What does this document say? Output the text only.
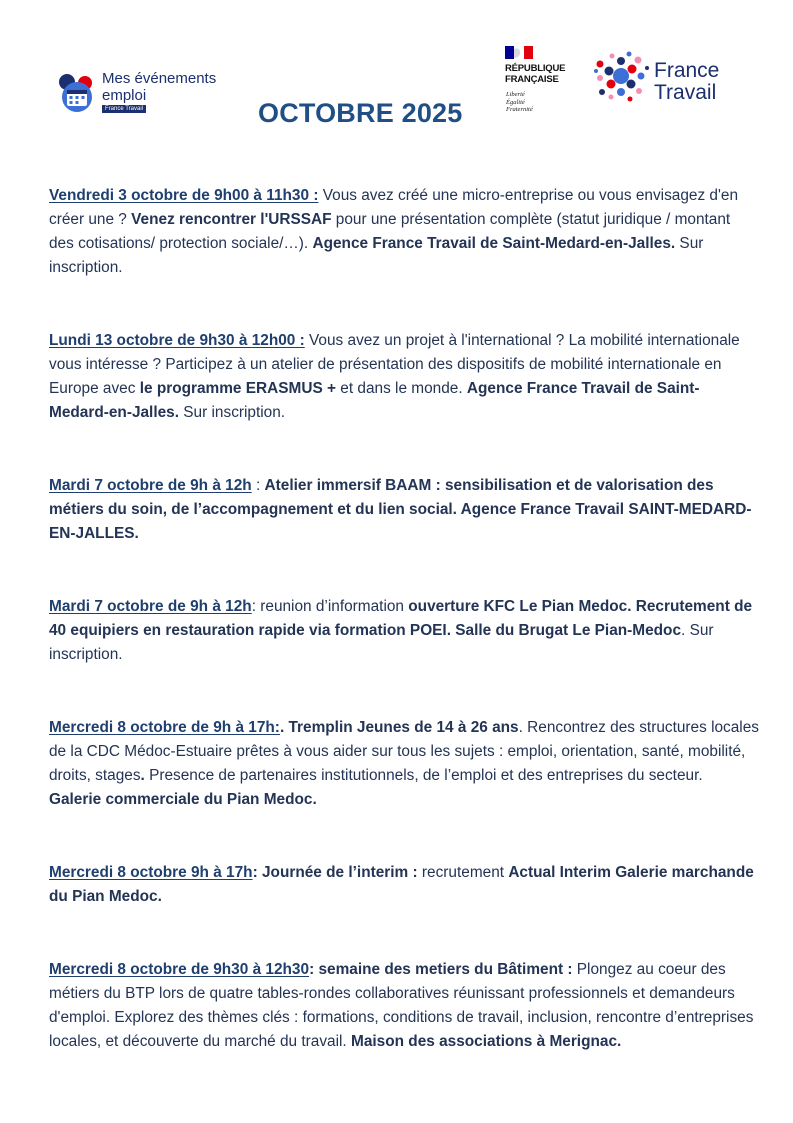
Mes événements
emploi
France Travail	OCTOBRE 2025
RÉPUBLIQUE
FRANÇAISE
Liberté
Égalité
Fraternité
France
Travail

Vendredi 3 octobre de 9h00 à 11h30 : Vous avez créé une micro-entreprise ou vous envisagez d'en créer une ? Venez rencontrer l'URSSAF pour une présentation complète (statut juridique / montant des cotisations/ protection sociale/…). Agence France Travail de Saint-Medard-en-Jalles. Sur inscription.

Lundi 13 octobre de 9h30 à 12h00 : Vous avez un projet à l'international ? La mobilité internationale vous intéresse ? Participez à un atelier de présentation des dispositifs de mobilité internationale en Europe avec le programme ERASMUS + et dans le monde. Agence France Travail de Saint-Medard-en-Jalles. Sur inscription.

Mardi 7 octobre de 9h à 12h : Atelier immersif BAAM : sensibilisation et de valorisation des métiers du soin, de l’accompagnement et du lien social. Agence France Travail SAINT-MEDARD-EN-JALLES.

Mardi 7 octobre de 9h à 12h: reunion d’information ouverture KFC Le Pian Medoc. Recrutement de 40 equipiers en restauration rapide via formation POEI. Salle du Brugat Le Pian-Medoc. Sur inscription.

Mercredi 8 octobre de 9h à 17h:. Tremplin Jeunes de 14 à 26 ans. Rencontrez des structures locales de la CDC Médoc-Estuaire prêtes à vous aider sur tous les sujets : emploi, orientation, santé, mobilité, droits, stages. Presence de partenaires institutionnels, de l’emploi et des entreprises du secteur. Galerie commerciale du Pian Medoc.

Mercredi 8 octobre 9h à 17h: Journée de l’interim : recrutement Actual Interim Galerie marchande du Pian Medoc.

Mercredi 8 octobre de 9h30 à 12h30: semaine des metiers du Bâtiment : Plongez au coeur des métiers du BTP lors de quatre tables-rondes collaboratives réunissant professionnels et demandeurs d'emploi. Explorez des thèmes clés : formations, conditions de travail, inclusion, rencontre d’entreprises locales, et découverte du marché du travail. Maison des associations à Merignac.
